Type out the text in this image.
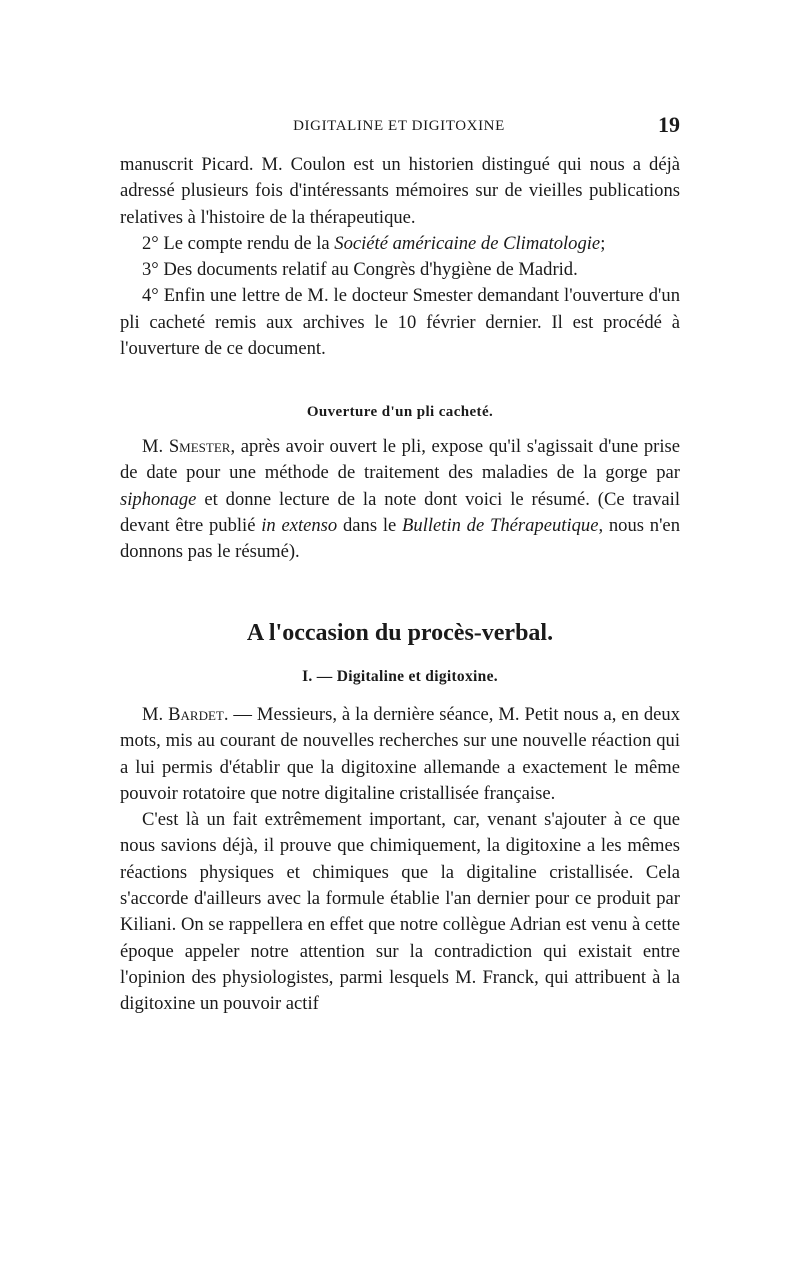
DIGITALINE ET DIGITOXINE	19

manuscrit Picard. M. Coulon est un historien distingué qui nous a déjà adressé plusieurs fois d'intéressants mémoires sur de vieilles publications relatives à l'histoire de la thérapeutique.

2° Le compte rendu de la Société américaine de Climatologie;

3° Des documents relatif au Congrès d'hygiène de Madrid.

4° Enfin une lettre de M. le docteur Smester demandant l'ouverture d'un pli cacheté remis aux archives le 10 février dernier. Il est procédé à l'ouverture de ce document.

Ouverture d'un pli cacheté.

M. Smester, après avoir ouvert le pli, expose qu'il s'agissait d'une prise de date pour une méthode de traitement des maladies de la gorge par siphonage et donne lecture de la note dont voici le résumé. (Ce travail devant être publié in extenso dans le Bulletin de Thérapeutique, nous n'en donnons pas le résumé).

A l'occasion du procès-verbal.
I. — Digitaline et digitoxine.

M. Bardet. — Messieurs, à la dernière séance, M. Petit nous a, en deux mots, mis au courant de nouvelles recherches sur une nouvelle réaction qui a lui permis d'établir que la digitoxine allemande a exactement le même pouvoir rotatoire que notre digitaline cristallisée française.

C'est là un fait extrêmement important, car, venant s'ajouter à ce que nous savions déjà, il prouve que chimiquement, la digitoxine a les mêmes réactions physiques et chimiques que la digitaline cristallisée. Cela s'accorde d'ailleurs avec la formule établie l'an dernier pour ce produit par Kiliani. On se rappellera en effet que notre collègue Adrian est venu à cette époque appeler notre attention sur la contradiction qui existait entre l'opinion des physiologistes, parmi lesquels M. Franck, qui attribuent à la digitoxine un pouvoir actif
